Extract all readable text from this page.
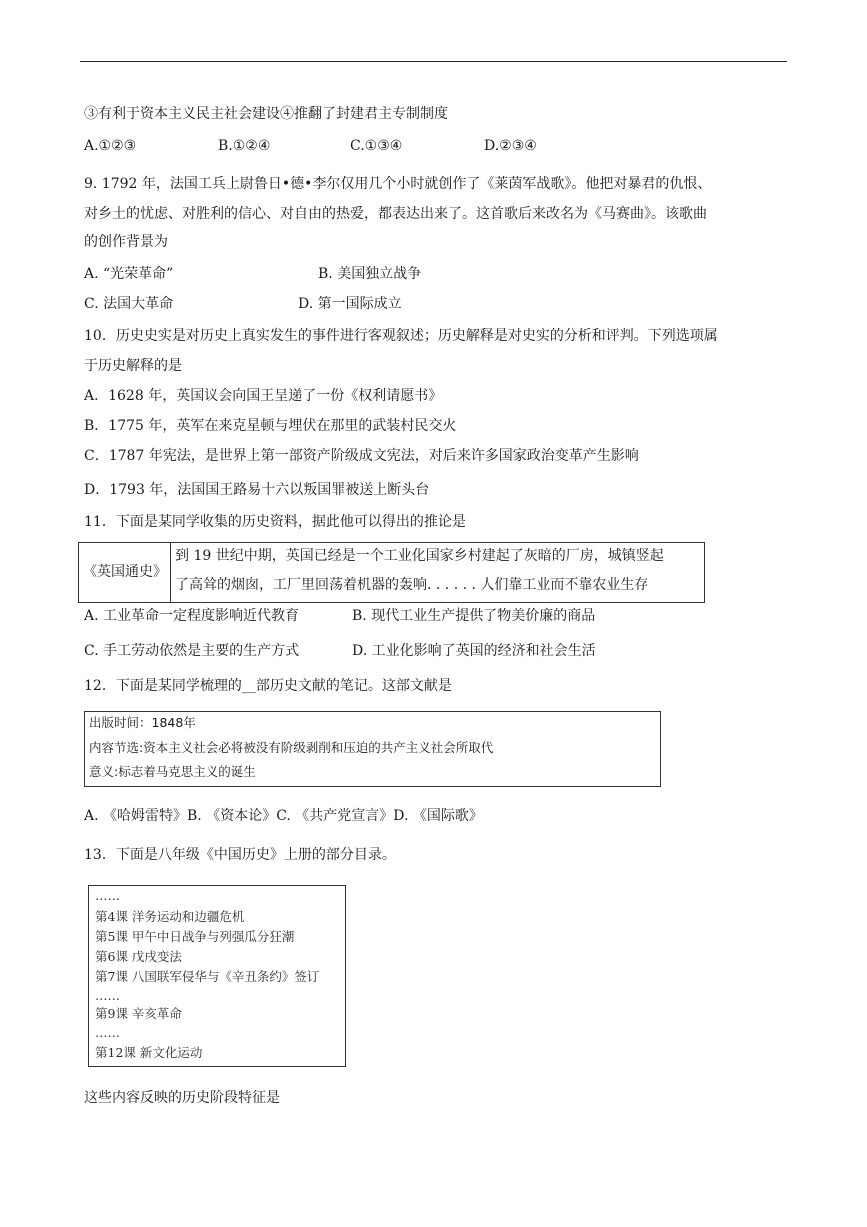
③有利于资本主义民主社会建设④推翻了封建君主专制制度
A.①②③	B.①②④	C.①③④	D.②③④
9. 1792 年，法国工兵上尉鲁日•德•李尔仅用几个小时就创作了《莱茵军战歌》。他把对暴君的仇恨、
对乡土的忧虑、对胜利的信心、对自由的热爱，都表达出来了。这首歌后来改名为《马赛曲》。该歌曲
的创作背景为
A. “光荣革命”	B. 美国独立战争
C. 法国大革命	D. 第一国际成立
10．历史史实是对历史上真实发生的事件进行客观叙述；历史解释是对史实的分析和评判。下列选项属
于历史解释的是
A．1628 年，英国议会向国王呈递了一份《权利请愿书》
B．1775 年，英军在来克星顿与埋伏在那里的武装村民交火
C．1787 年宪法，是世界上第一部资产阶级成文宪法，对后来许多国家政治变革产生影响
D．1793 年，法国国王路易十六以叛国罪被送上断头台
11．下面是某同学收集的历史资料，据此他可以得出的推论是
《英国通史》
到 19 世纪中期，英国已经是一个工业化国家乡村建起了灰暗的厂房，城镇竖起
了高耸的烟囱，工厂里回荡着机器的轰响. . . . . . 人们靠工业而不靠农业生存
A. 工业革命一定程度影响近代教育	B. 现代工业生产提供了物美价廉的商品
C. 手工劳动依然是主要的生产方式	D. 工业化影响了英国的经济和社会生活
12．下面是某同学梳理的__部历史文献的笔记。这部文献是
出版时间：1848年
内容节选:资本主义社会必将被没有阶级剥削和压迫的共产主义社会所取代
意义:标志着马克思主义的诞生
A. 《哈姆雷特》B. 《资本论》C. 《共产党宣言》D. 《国际歌》
13．下面是八年级《中国历史》上册的部分目录。
……
第4课 洋务运动和边疆危机
第5课 甲午中日战争与列强瓜分狂潮
第6课 戊戌变法
第7课 八国联军侵华与《辛丑条约》签订
……
第9课 辛亥革命
……
第12课 新文化运动
这些内容反映的历史阶段特征是
